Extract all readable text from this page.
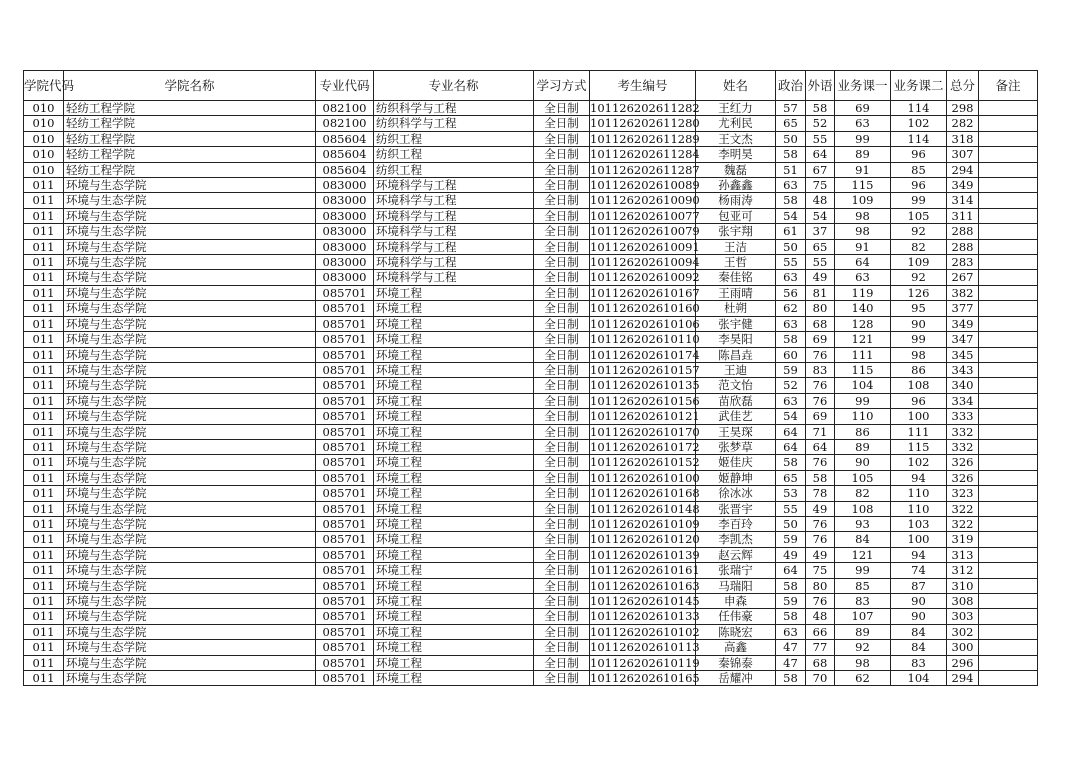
学院代码	学院名称	专业代码	专业名称	学习方式	考生编号	姓名	政治	外语	业务课一	业务课二	总分	备注
010	轻纺工程学院	082100	纺织科学与工程	全日制	101126202611282	王红力	57	58	69	114	298	
010	轻纺工程学院	082100	纺织科学与工程	全日制	101126202611280	尤利民	65	52	63	102	282	
010	轻纺工程学院	085604	纺织工程	全日制	101126202611289	王文杰	50	55	99	114	318	
010	轻纺工程学院	085604	纺织工程	全日制	101126202611284	李明昊	58	64	89	96	307	
010	轻纺工程学院	085604	纺织工程	全日制	101126202611287	魏磊	51	67	91	85	294	
011	环境与生态学院	083000	环境科学与工程	全日制	101126202610089	孙鑫鑫	63	75	115	96	349	
011	环境与生态学院	083000	环境科学与工程	全日制	101126202610090	杨雨涛	58	48	109	99	314	
011	环境与生态学院	083000	环境科学与工程	全日制	101126202610077	包亚可	54	54	98	105	311	
011	环境与生态学院	083000	环境科学与工程	全日制	101126202610079	张宇翔	61	37	98	92	288	
011	环境与生态学院	083000	环境科学与工程	全日制	101126202610091	王洁	50	65	91	82	288	
011	环境与生态学院	083000	环境科学与工程	全日制	101126202610094	王哲	55	55	64	109	283	
011	环境与生态学院	083000	环境科学与工程	全日制	101126202610092	秦佳铭	63	49	63	92	267	
011	环境与生态学院	085701	环境工程	全日制	101126202610167	王雨晴	56	81	119	126	382	
011	环境与生态学院	085701	环境工程	全日制	101126202610160	杜朔	62	80	140	95	377	
011	环境与生态学院	085701	环境工程	全日制	101126202610106	张宇健	63	68	128	90	349	
011	环境与生态学院	085701	环境工程	全日制	101126202610110	李昊阳	58	69	121	99	347	
011	环境与生态学院	085701	环境工程	全日制	101126202610174	陈昌垚	60	76	111	98	345	
011	环境与生态学院	085701	环境工程	全日制	101126202610157	王迪	59	83	115	86	343	
011	环境与生态学院	085701	环境工程	全日制	101126202610135	范文怡	52	76	104	108	340	
011	环境与生态学院	085701	环境工程	全日制	101126202610156	苗欣磊	63	76	99	96	334	
011	环境与生态学院	085701	环境工程	全日制	101126202610121	武佳艺	54	69	110	100	333	
011	环境与生态学院	085701	环境工程	全日制	101126202610170	王昊琛	64	71	86	111	332	
011	环境与生态学院	085701	环境工程	全日制	101126202610172	张梦草	64	64	89	115	332	
011	环境与生态学院	085701	环境工程	全日制	101126202610152	姬佳庆	58	76	90	102	326	
011	环境与生态学院	085701	环境工程	全日制	101126202610100	姬静坤	65	58	105	94	326	
011	环境与生态学院	085701	环境工程	全日制	101126202610168	徐冰冰	53	78	82	110	323	
011	环境与生态学院	085701	环境工程	全日制	101126202610148	张晋宇	55	49	108	110	322	
011	环境与生态学院	085701	环境工程	全日制	101126202610109	李百玲	50	76	93	103	322	
011	环境与生态学院	085701	环境工程	全日制	101126202610120	李凯杰	59	76	84	100	319	
011	环境与生态学院	085701	环境工程	全日制	101126202610139	赵云辉	49	49	121	94	313	
011	环境与生态学院	085701	环境工程	全日制	101126202610161	张瑞宁	64	75	99	74	312	
011	环境与生态学院	085701	环境工程	全日制	101126202610163	马瑞阳	58	80	85	87	310	
011	环境与生态学院	085701	环境工程	全日制	101126202610145	申森	59	76	83	90	308	
011	环境与生态学院	085701	环境工程	全日制	101126202610133	任伟豪	58	48	107	90	303	
011	环境与生态学院	085701	环境工程	全日制	101126202610102	陈晓宏	63	66	89	84	302	
011	环境与生态学院	085701	环境工程	全日制	101126202610113	高鑫	47	77	92	84	300	
011	环境与生态学院	085701	环境工程	全日制	101126202610119	秦锦泰	47	68	98	83	296	
011	环境与生态学院	085701	环境工程	全日制	101126202610165	岳耀冲	58	70	62	104	294	
